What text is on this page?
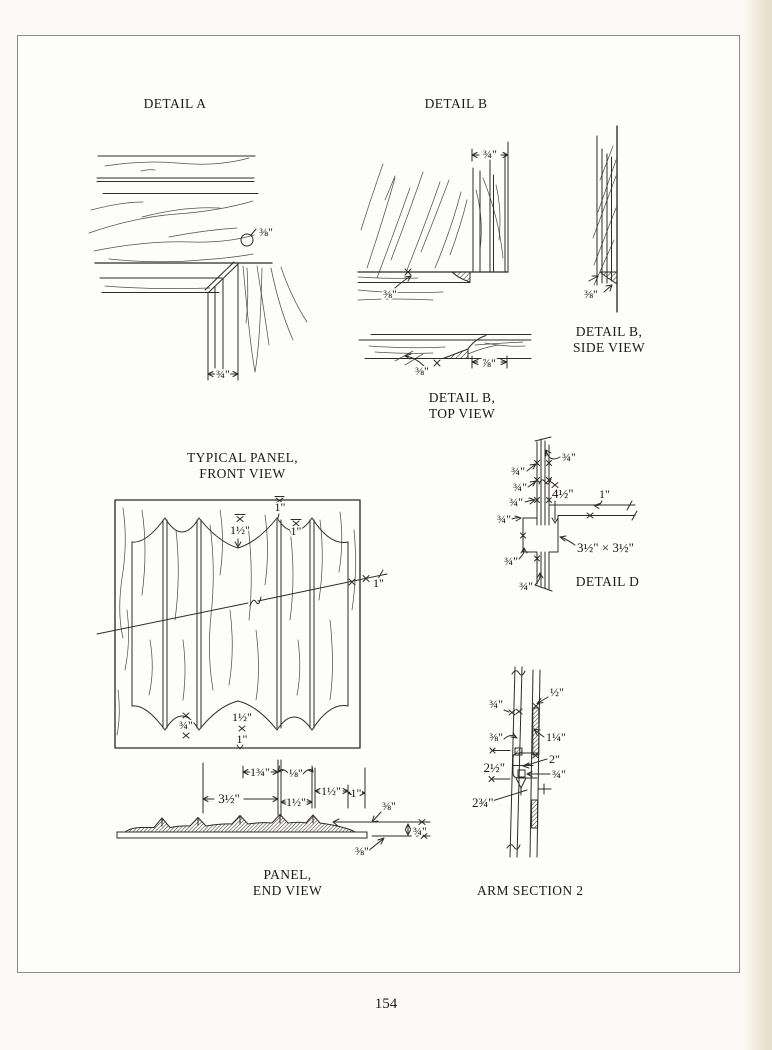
DETAIL A	DETAIL B
DETAIL B,
SIDE VIEW
DETAIL B,
TOP VIEW
TYPICAL PANEL,
FRONT VIEW
DETAIL D
PANEL,
END VIEW	ARM SECTION 2
⅜"
¾"
¾"
⅜"	⅜"
⅜"
⅞"
1"
1½"
1"
1"
¾"
1½"
1"
¾"
¾"
¾"
¾"
¾"
4½" 1"
3½" × 3½"
¾"
¾"
1¾" ⅛"
3½"	1½"
1½" 1"
⅜"
¾"
⅜"
¾"
½"
⅜"	1¼"
2"
2½"	¾"
2¾"
154
